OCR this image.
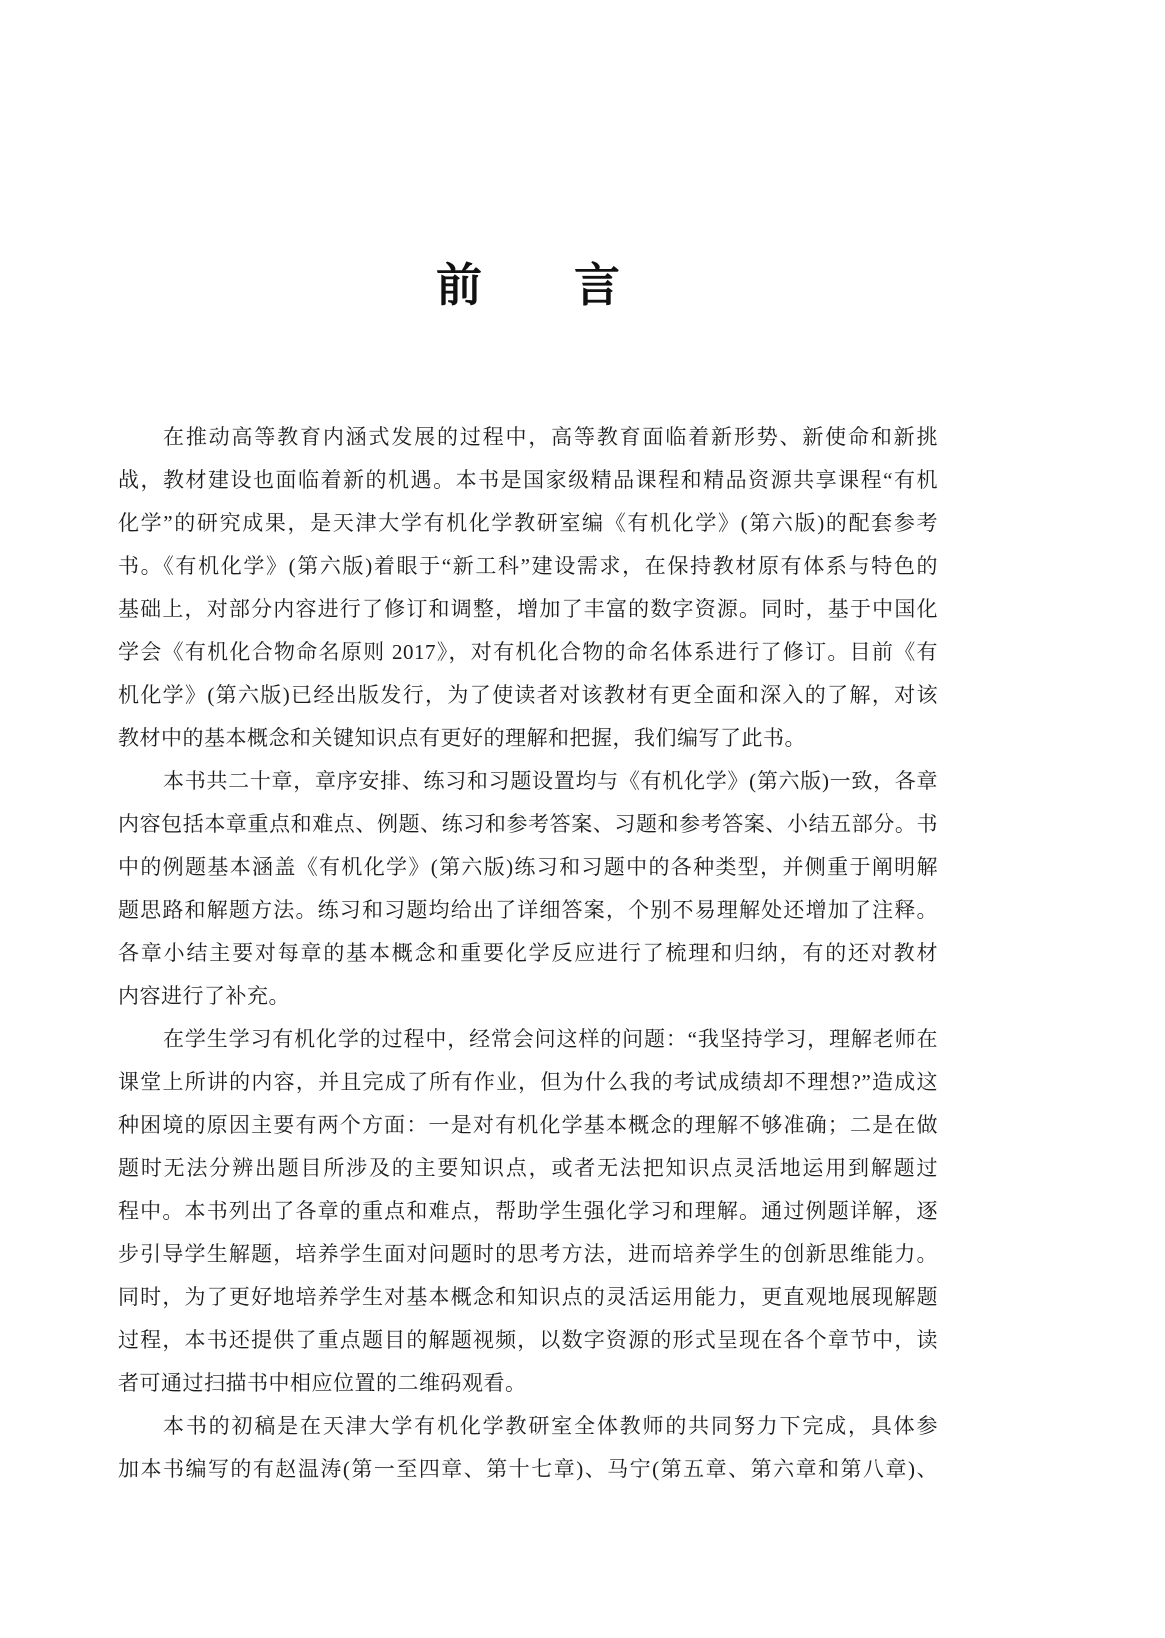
前　　言

在推动高等教育内涵式发展的过程中，高等教育面临着新形势、新使命和新挑

战，教材建设也面临着新的机遇。本书是国家级精品课程和精品资源共享课程“有机

化学”的研究成果，是天津大学有机化学教研室编《有机化学》(第六版)的配套参考

书。《有机化学》(第六版)着眼于“新工科”建设需求，在保持教材原有体系与特色的

基础上，对部分内容进行了修订和调整，增加了丰富的数字资源。同时，基于中国化

学会《有机化合物命名原则 2017》，对有机化合物的命名体系进行了修订。目前《有

机化学》(第六版)已经出版发行，为了使读者对该教材有更全面和深入的了解，对该

教材中的基本概念和关键知识点有更好的理解和把握，我们编写了此书。

本书共二十章，章序安排、练习和习题设置均与《有机化学》(第六版)一致，各章

内容包括本章重点和难点、例题、练习和参考答案、习题和参考答案、小结五部分。书

中的例题基本涵盖《有机化学》(第六版)练习和习题中的各种类型，并侧重于阐明解

题思路和解题方法。练习和习题均给出了详细答案，个别不易理解处还增加了注释。

各章小结主要对每章的基本概念和重要化学反应进行了梳理和归纳，有的还对教材

内容进行了补充。

在学生学习有机化学的过程中，经常会问这样的问题：“我坚持学习，理解老师在

课堂上所讲的内容，并且完成了所有作业，但为什么我的考试成绩却不理想?”造成这

种困境的原因主要有两个方面：一是对有机化学基本概念的理解不够准确；二是在做

题时无法分辨出题目所涉及的主要知识点，或者无法把知识点灵活地运用到解题过

程中。本书列出了各章的重点和难点，帮助学生强化学习和理解。通过例题详解，逐

步引导学生解题，培养学生面对问题时的思考方法，进而培养学生的创新思维能力。

同时，为了更好地培养学生对基本概念和知识点的灵活运用能力，更直观地展现解题

过程，本书还提供了重点题目的解题视频，以数字资源的形式呈现在各个章节中，读

者可通过扫描书中相应位置的二维码观看。

本书的初稿是在天津大学有机化学教研室全体教师的共同努力下完成，具体参

加本书编写的有赵温涛(第一至四章、第十七章)、马宁(第五章、第六章和第八章)、
